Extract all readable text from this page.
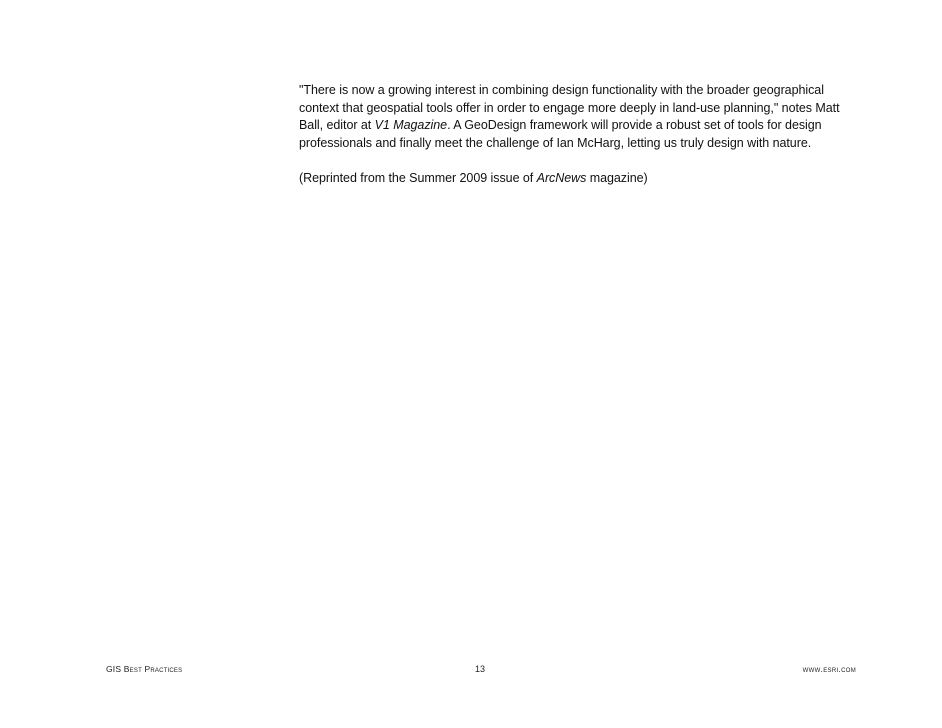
"There is now a growing interest in combining design functionality with the broader geographical context that geospatial tools offer in order to engage more deeply in land-use planning," notes Matt Ball, editor at V1 Magazine. A GeoDesign framework will provide a robust set of tools for design professionals and finally meet the challenge of Ian McHarg, letting us truly design with nature.

(Reprinted from the Summer 2009 issue of ArcNews magazine)

GIS Best Practices	13	www.esri.com
